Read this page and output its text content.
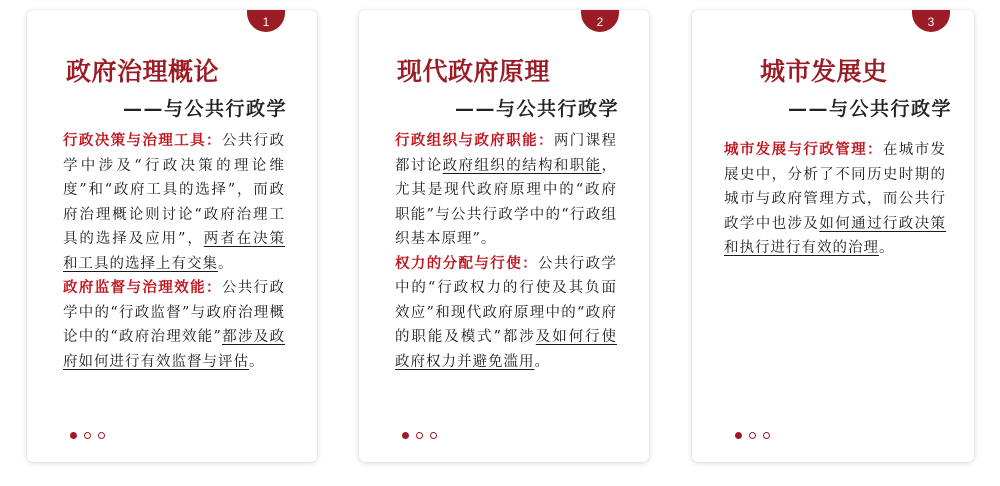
1
政府治理概论
——与公共行政学

行政决策与治理工具：公共行政学中涉及“行政决策的理论维度”和“政府工具的选择”，而政府治理概论则讨论“政府治理工具的选择及应用”，两者在决策和工具的选择上有交集。

政府监督与治理效能：公共行政学中的“行政监督”与政府治理概论中的“政府治理效能”都涉及政府如何进行有效监督与评估。

2
现代政府原理
——与公共行政学

行政组织与政府职能：两门课程都讨论政府组织的结构和职能，尤其是现代政府原理中的“政府职能”与公共行政学中的“行政组织基本原理”。

权力的分配与行使：公共行政学中的“行政权力的行使及其负面效应”和现代政府原理中的“政府的职能及模式”都涉及如何行使政府权力并避免滥用。

3
城市发展史
——与公共行政学

城市发展与行政管理：在城市发展史中，分析了不同历史时期的城市与政府管理方式，而公共行政学中也涉及如何通过行政决策和执行进行有效的治理。
